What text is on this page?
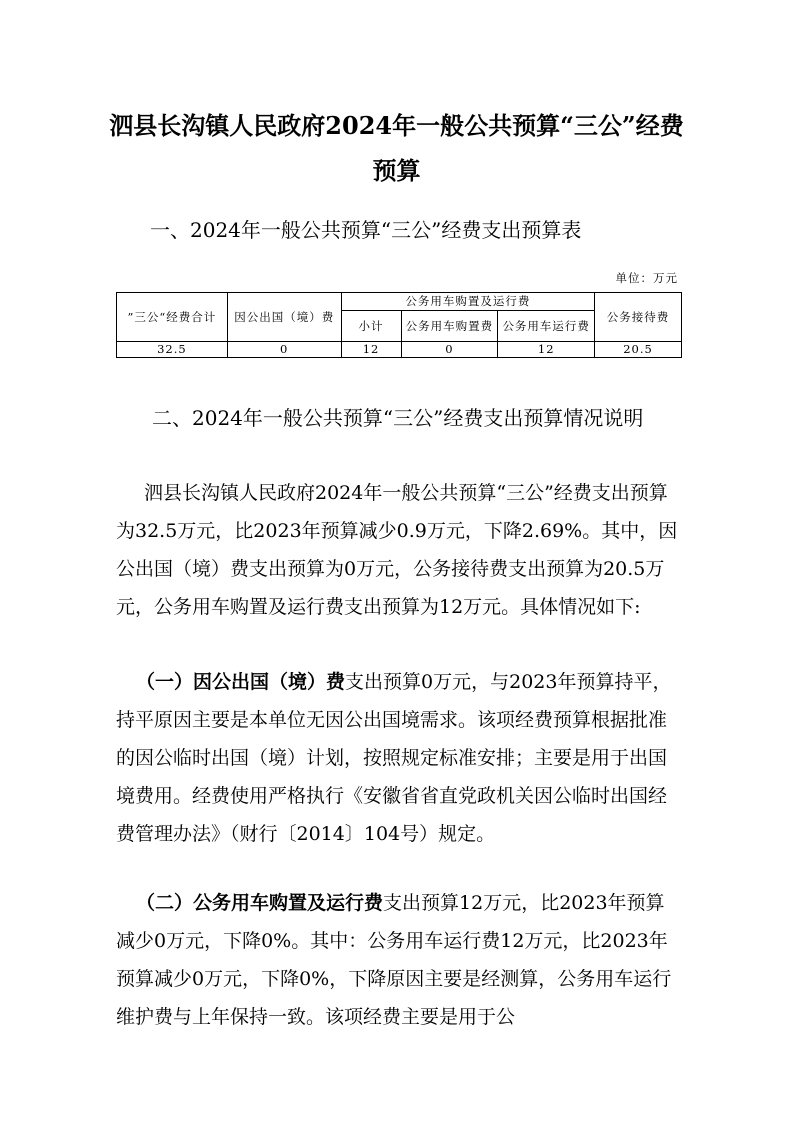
泗县长沟镇人民政府2024年一般公共预算“三公”经费预算
一、2024年一般公共预算“三公”经费支出预算表
单位：万元
”三公“经费合计	因公出国（境）费	公务用车购置及运行费			公务接待费
		小计	公务用车购置费	公务用车运行费	
32.5	0	12	0	12	20.5
二、2024年一般公共预算“三公”经费支出预算情况说明

泗县长沟镇人民政府2024年一般公共预算“三公”经费支出预算为32.5万元，比2023年预算减少0.9万元，下降2.69%。其中，因公出国（境）费支出预算为0万元，公务接待费支出预算为20.5万元，公务用车购置及运行费支出预算为12万元。具体情况如下:

（一）因公出国（境）费支出预算0万元，与2023年预算持平，持平原因主要是本单位无因公出国境需求。该项经费预算根据批准的因公临时出国（境）计划，按照规定标准安排；主要是用于出国境费用。经费使用严格执行《安徽省省直党政机关因公临时出国经费管理办法》（财行〔2014〕104号）规定。

（二）公务用车购置及运行费支出预算12万元，比2023年预算减少0万元，下降0%。其中：公务用车运行费12万元，比2023年预算减少0万元，下降0%，下降原因主要是经测算，公务用车运行维护费与上年保持一致。该项经费主要是用于公
